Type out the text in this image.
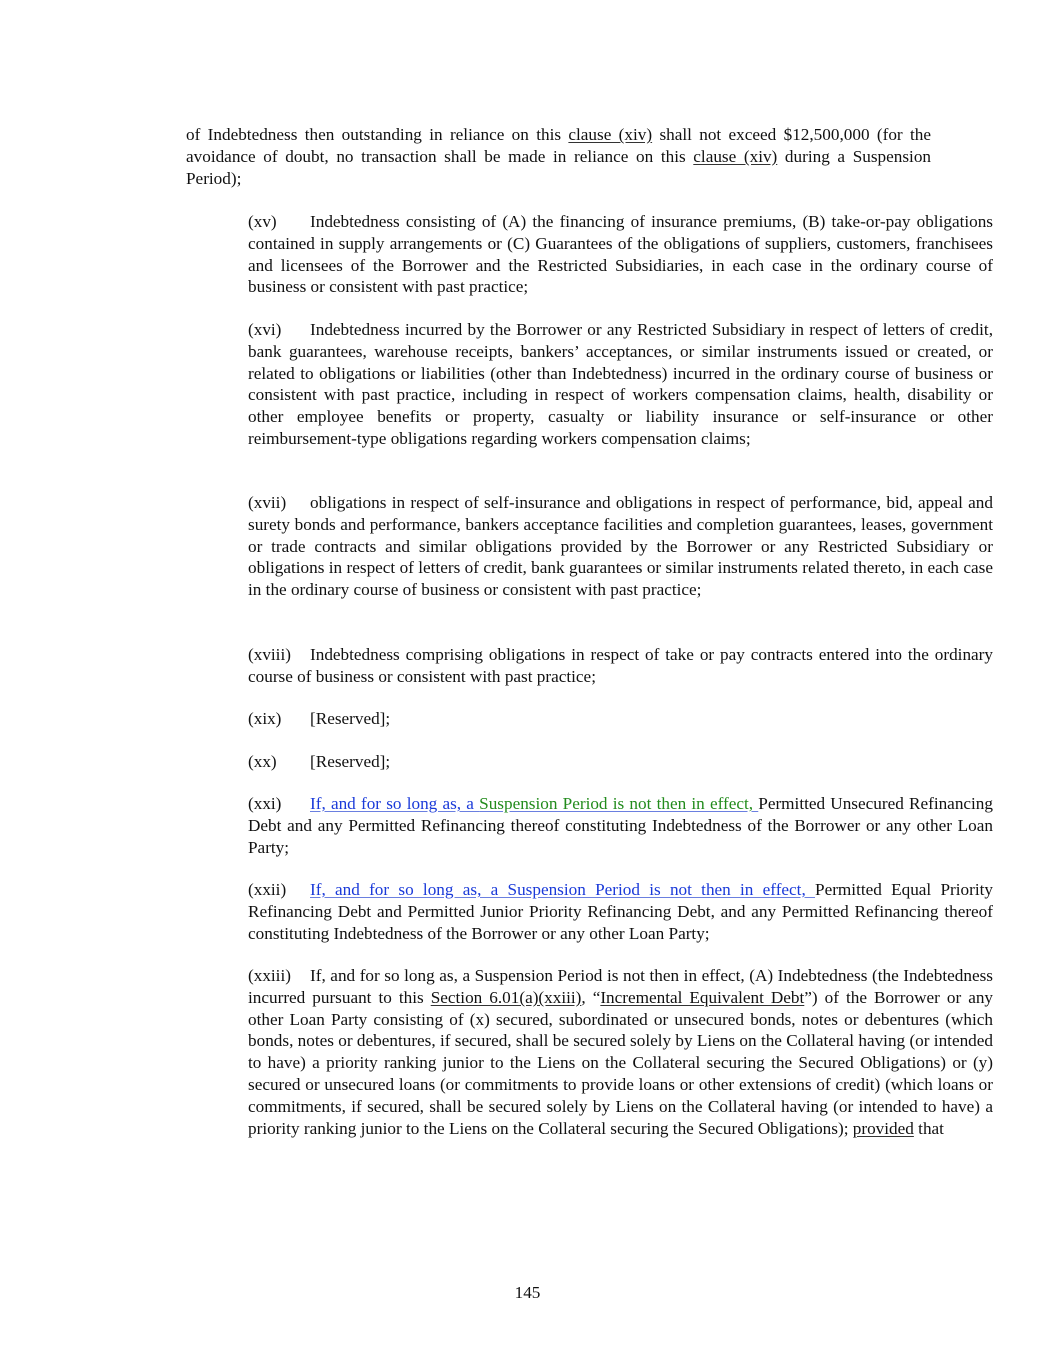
of Indebtedness then outstanding in reliance on this clause (xiv) shall not exceed $12,500,000 (for the avoidance of doubt, no transaction shall be made in reliance on this clause (xiv) during a Suspension Period);

(xv) Indebtedness consisting of (A) the financing of insurance premiums, (B) take-or-pay obligations contained in supply arrangements or (C) Guarantees of the obligations of suppliers, customers, franchisees and licensees of the Borrower and the Restricted Subsidiaries, in each case in the ordinary course of business or consistent with past practice;

(xvi) Indebtedness incurred by the Borrower or any Restricted Subsidiary in respect of letters of credit, bank guarantees, warehouse receipts, bankers’ acceptances, or similar instruments issued or created, or related to obligations or liabilities (other than Indebtedness) incurred in the ordinary course of business or consistent with past practice, including in respect of workers compensation claims, health, disability or other employee benefits or property, casualty or liability insurance or self-insurance or other reimbursement-type obligations regarding workers compensation claims;

(xvii) obligations in respect of self-insurance and obligations in respect of performance, bid, appeal and surety bonds and performance, bankers acceptance facilities and completion guarantees, leases, government or trade contracts and similar obligations provided by the Borrower or any Restricted Subsidiary or obligations in respect of letters of credit, bank guarantees or similar instruments related thereto, in each case in the ordinary course of business or consistent with past practice;

(xviii) Indebtedness comprising obligations in respect of take or pay contracts entered into the ordinary course of business or consistent with past practice;

(xix) [Reserved];

(xx) [Reserved];

(xxi) If, and for so long as, a Suspension Period is not then in effect, Permitted Unsecured Refinancing Debt and any Permitted Refinancing thereof constituting Indebtedness of the Borrower or any other Loan Party;

(xxii) If, and for so long as, a Suspension Period is not then in effect, Permitted Equal Priority Refinancing Debt and Permitted Junior Priority Refinancing Debt, and any Permitted Refinancing thereof constituting Indebtedness of the Borrower or any other Loan Party;

(xxiii) If, and for so long as, a Suspension Period is not then in effect, (A) Indebtedness (the Indebtedness incurred pursuant to this Section 6.01(a)(xxiii), “Incremental Equivalent Debt”) of the Borrower or any other Loan Party consisting of (x) secured, subordinated or unsecured bonds, notes or debentures (which bonds, notes or debentures, if secured, shall be secured solely by Liens on the Collateral having (or intended to have) a priority ranking junior to the Liens on the Collateral securing the Secured Obligations) or (y) secured or unsecured loans (or commitments to provide loans or other extensions of credit) (which loans or commitments, if secured, shall be secured solely by Liens on the Collateral having (or intended to have) a priority ranking junior to the Liens on the Collateral securing the Secured Obligations); provided that

145
